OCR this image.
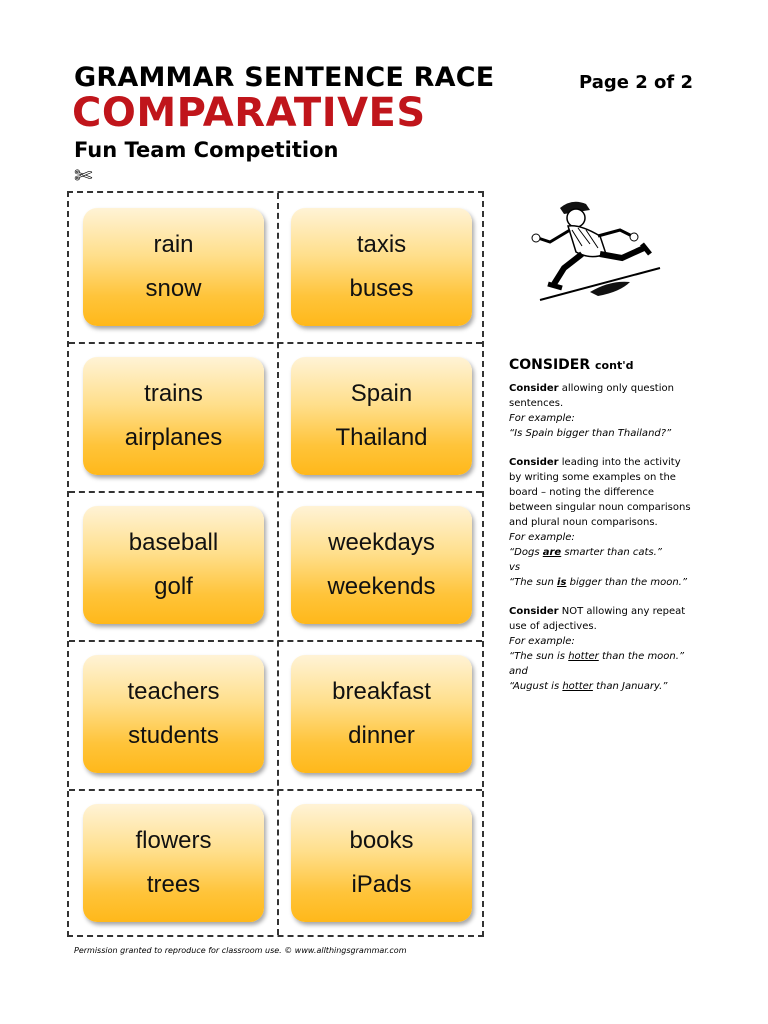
GRAMMAR SENTENCE RACE
COMPARATIVES
Fun Team Competition
Page 2 of 2
✄
rain
snow
taxis
buses
trains
airplanes
Spain
Thailand
baseball
golf
weekdays
weekends
teachers
students
breakfast
dinner
flowers
trees
books
iPads
CONSIDER cont'd
Consider allowing only question sentences.
For example:
“Is Spain bigger than Thailand?”
Consider leading into the activity by writing some examples on the board – noting the difference between singular noun comparisons and plural noun comparisons.
For example:
“Dogs are smarter than cats.”
vs
“The sun is bigger than the moon.”
Consider NOT allowing any repeat use of adjectives.
For example:
“The sun is hotter than the moon.”
and
“August is hotter than January.”
Permission granted to reproduce for classroom use. © www.allthingsgrammar.com
